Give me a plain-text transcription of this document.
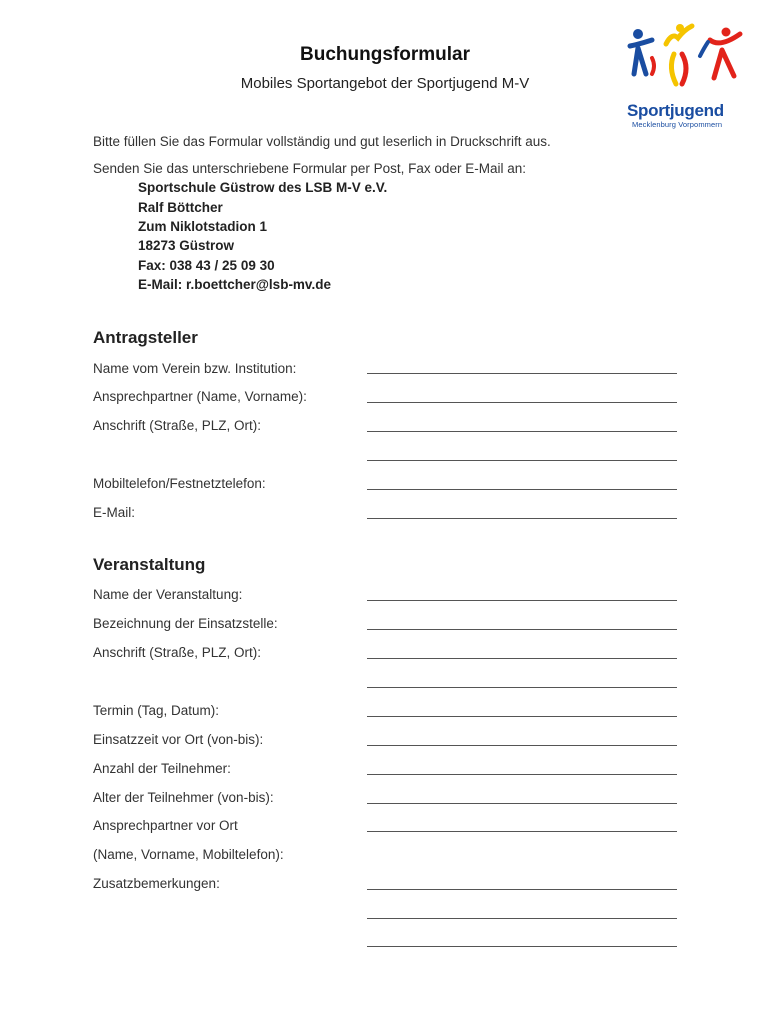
Buchungsformular
Mobiles Sportangebot der Sportjugend M-V
Sportjugend
Mecklenburg Vorpommern
Bitte füllen Sie das Formular vollständig und gut leserlich in Druckschrift aus.
Senden Sie das unterschriebene Formular per Post, Fax oder E-Mail an:
Sportschule Güstrow des LSB M-V e.V.
Ralf Böttcher
Zum Niklotstadion 1
18273 Güstrow
Fax: 038 43 / 25 09 30
E-Mail: r.boettcher@lsb-mv.de
Antragsteller
Name vom Verein bzw. Institution:
Ansprechpartner (Name, Vorname):
Anschrift (Straße, PLZ, Ort):
Mobiltelefon/Festnetztelefon:
E-Mail:
Veranstaltung
Name der Veranstaltung:
Bezeichnung der Einsatzstelle:
Anschrift (Straße, PLZ, Ort):
Termin (Tag, Datum):
Einsatzzeit vor Ort (von-bis):
Anzahl der Teilnehmer:
Alter der Teilnehmer (von-bis):
Ansprechpartner vor Ort
(Name, Vorname, Mobiltelefon):
Zusatzbemerkungen:
